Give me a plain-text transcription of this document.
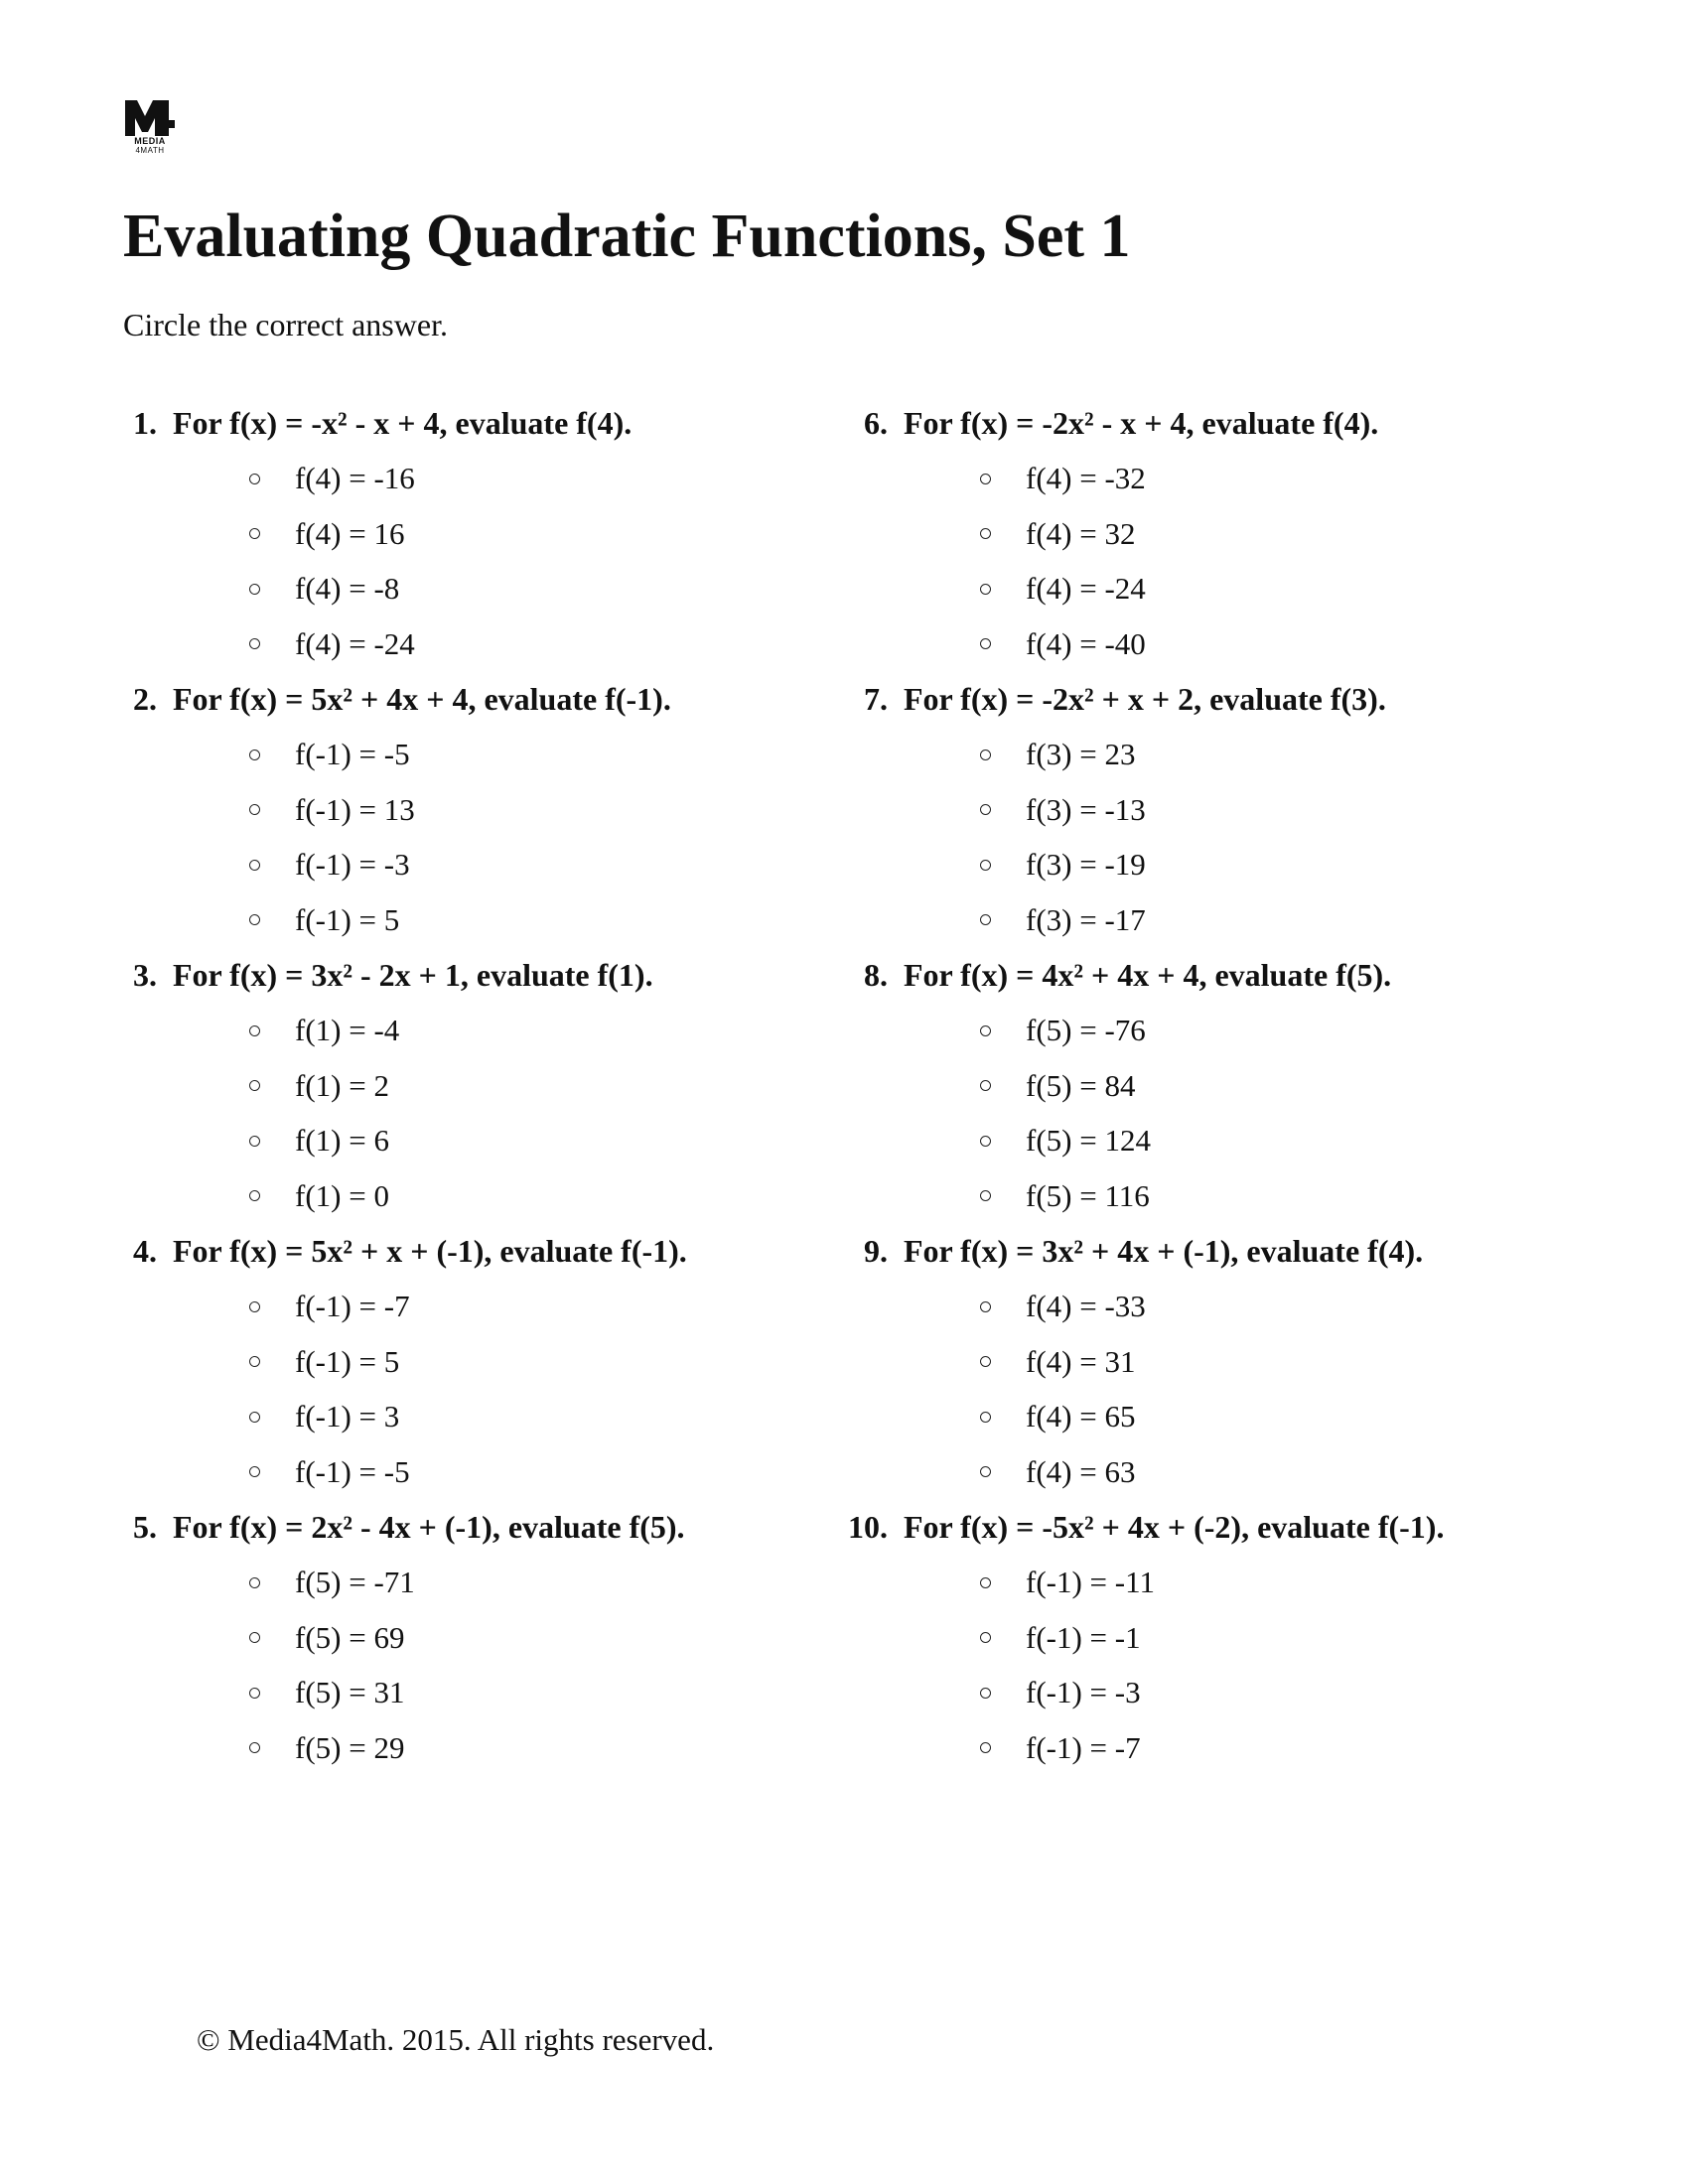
MEDIA
4MATH
Evaluating Quadratic Functions, Set 1
Circle the correct answer.
1. For f(x) = -x² - x + 4, evaluate f(4).
f(4) = -16
f(4) = 16
f(4) = -8
f(4) = -24
2. For f(x) = 5x² + 4x + 4, evaluate f(-1).
f(-1) = -5
f(-1) = 13
f(-1) = -3
f(-1) = 5
3. For f(x) = 3x² - 2x + 1, evaluate f(1).
f(1) = -4
f(1) = 2
f(1) = 6
f(1) = 0
4. For f(x) = 5x² + x + (-1), evaluate f(-1).
f(-1) = -7
f(-1) = 5
f(-1) = 3
f(-1) = -5
5. For f(x) = 2x² - 4x + (-1), evaluate f(5).
f(5) = -71
f(5) = 69
f(5) = 31
f(5) = 29
6. For f(x) = -2x² - x + 4, evaluate f(4).
f(4) = -32
f(4) = 32
f(4) = -24
f(4) = -40
7. For f(x) = -2x² + x + 2, evaluate f(3).
f(3) = 23
f(3) = -13
f(3) = -19
f(3) = -17
8. For f(x) = 4x² + 4x + 4, evaluate f(5).
f(5) = -76
f(5) = 84
f(5) = 124
f(5) = 116
9. For f(x) = 3x² + 4x + (-1), evaluate f(4).
f(4) = -33
f(4) = 31
f(4) = 65
f(4) = 63
10. For f(x) = -5x² + 4x + (-2), evaluate f(-1).
f(-1) = -11
f(-1) = -1
f(-1) = -3
f(-1) = -7
© Media4Math. 2015. All rights reserved.
